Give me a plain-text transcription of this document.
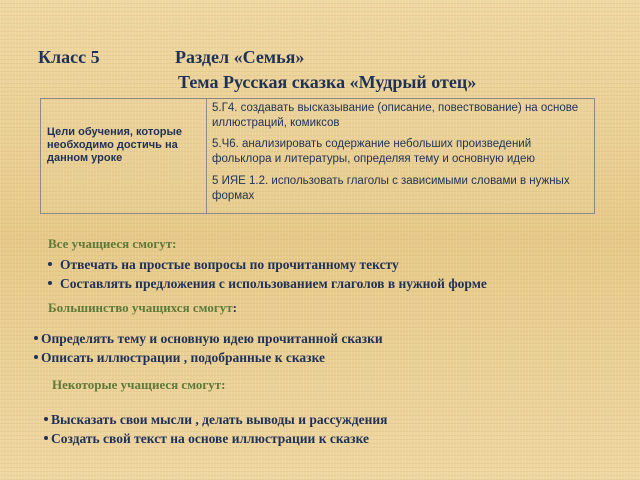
Класс 5	Раздел «Семья»
Тема Русская сказка «Мудрый отец»
Цели обучения, которые необходимо достичь на данном уроке
5.Г4. создавать высказывание (описание, повествование) на основе иллюстраций, комиксов
5.Ч6. анализировать содержание небольших произведений фольклора и литературы, определяя тему и основную идею
5 ИЯЕ 1.2. использовать глаголы с зависимыми словами в нужных формах
Все учащиеся смогут:
Отвечать на простые вопросы по прочитанному тексту
Составлять предложения с использованием глаголов в нужной форме
Большинство учащихся смогут:
Определять тему и основную идею прочитанной сказки
Описать иллюстрации , подобранные к сказке
Некоторые учащиеся смогут:
Высказать свои мысли , делать выводы и рассуждения
Создать свой текст на основе иллюстрации к сказке
